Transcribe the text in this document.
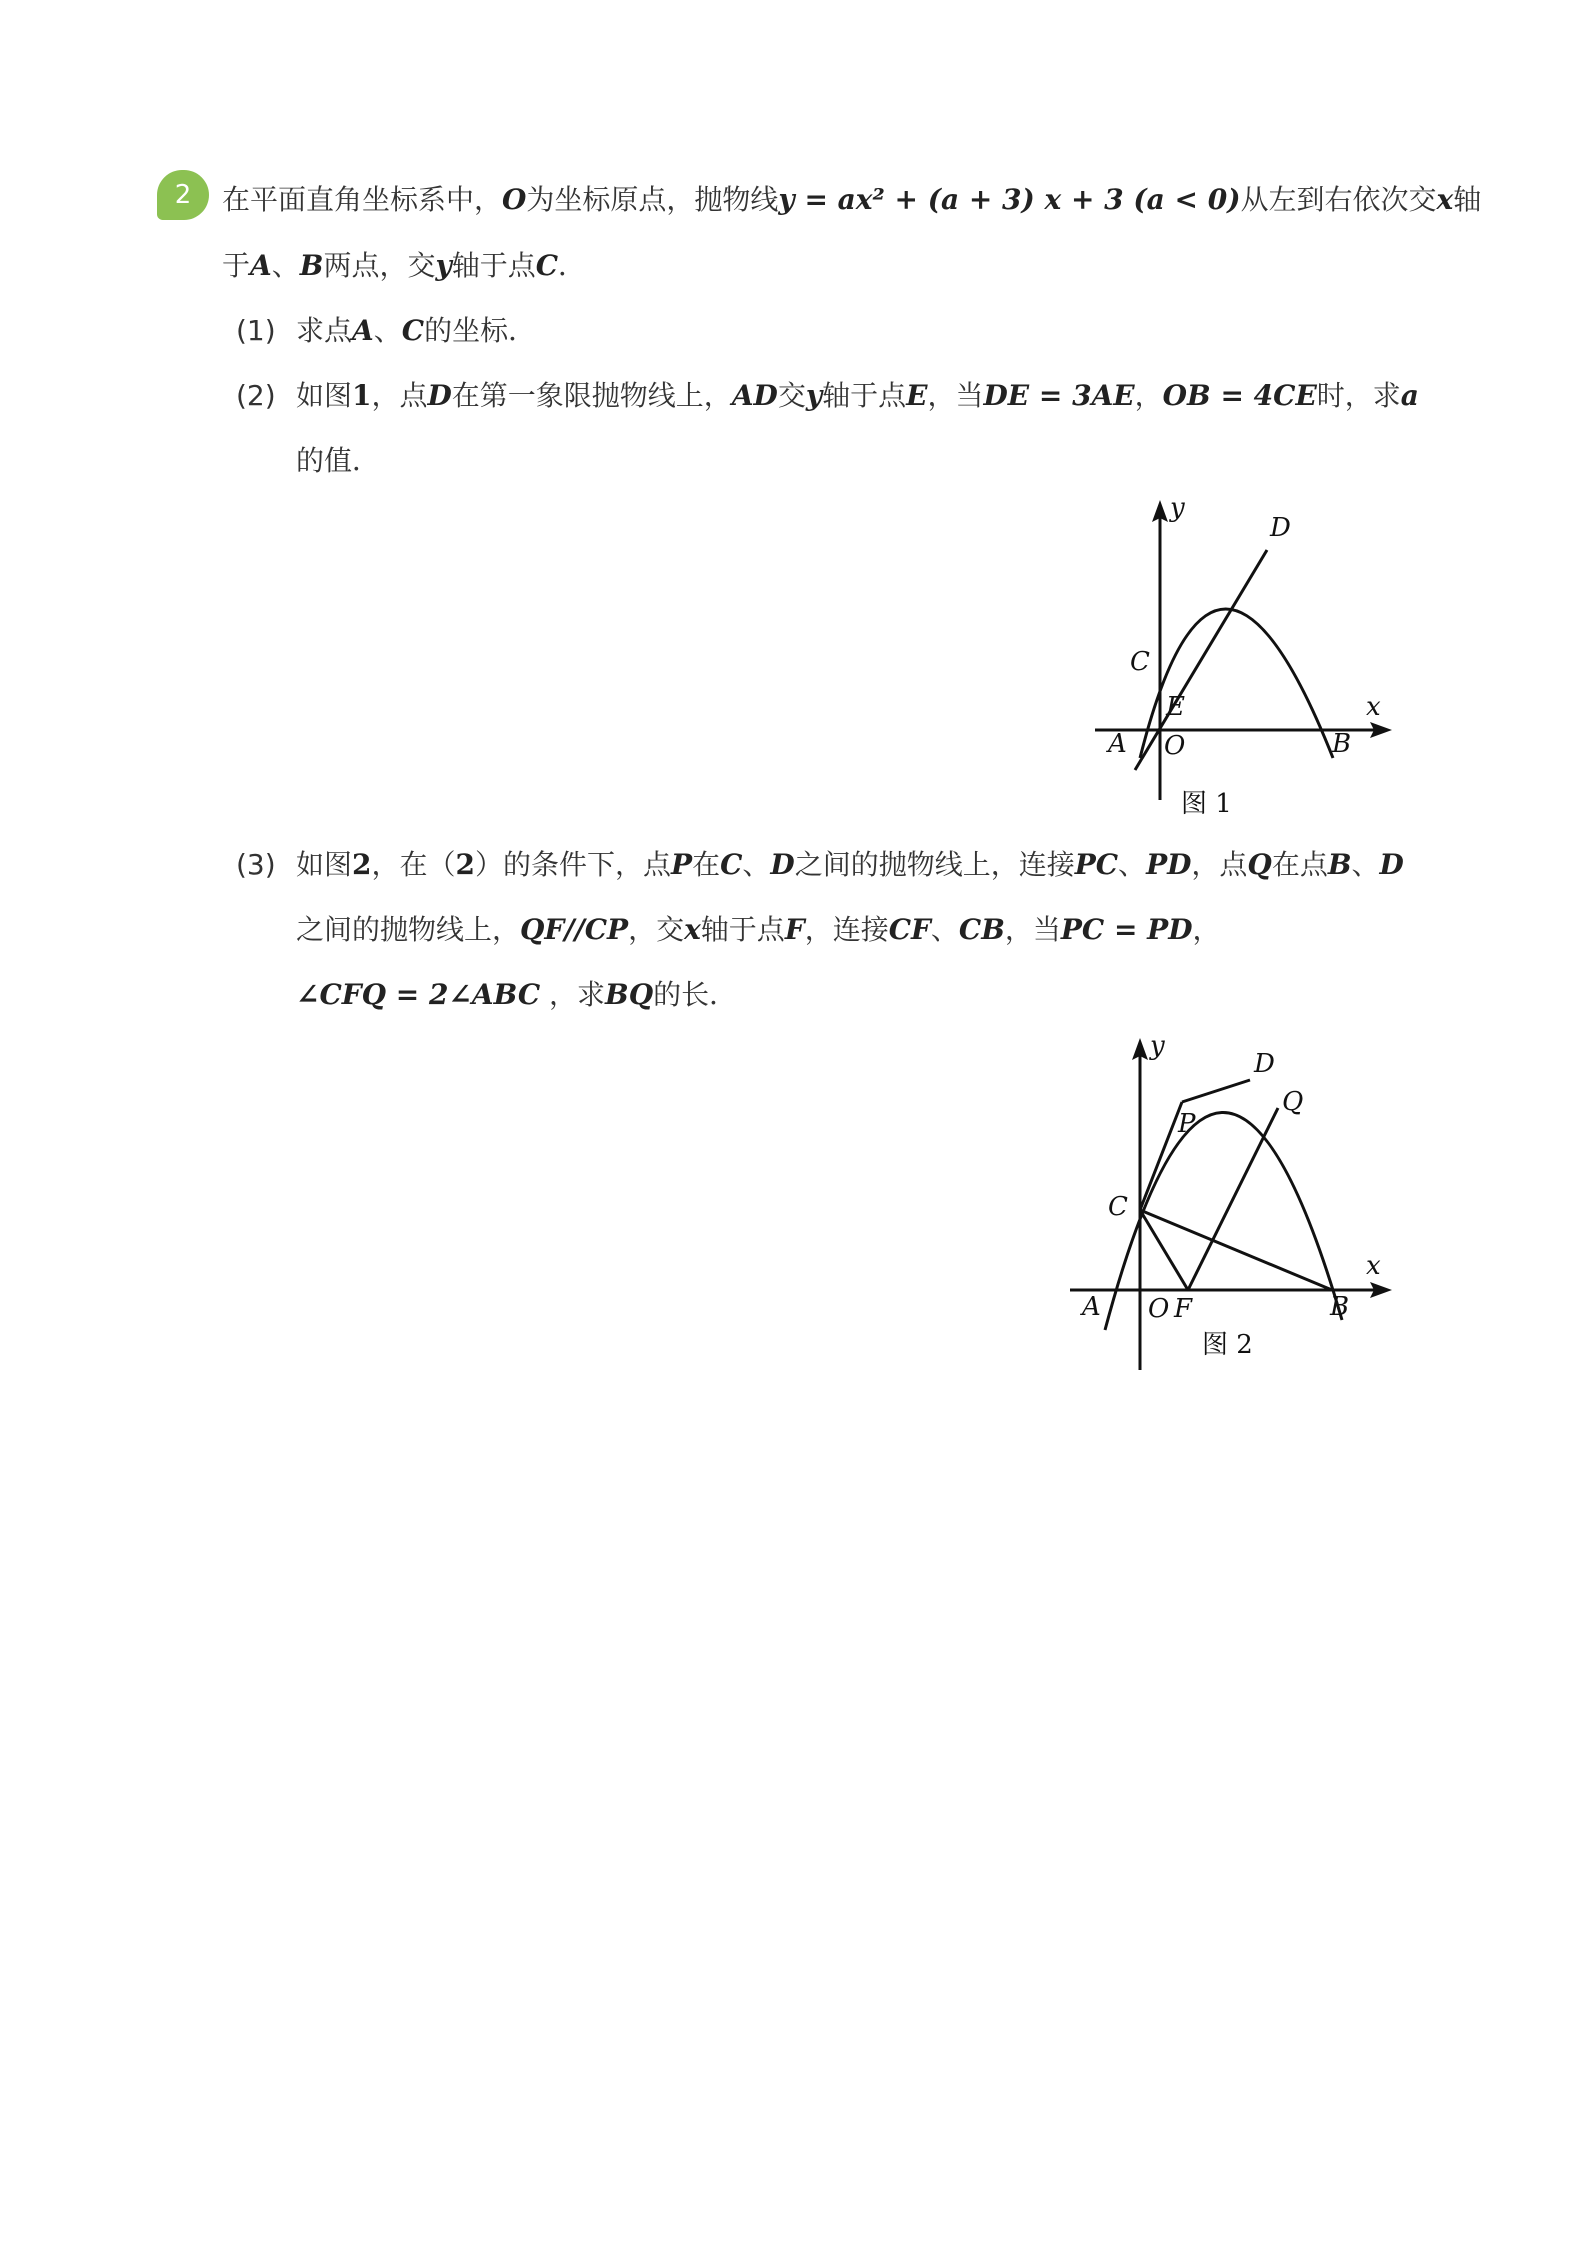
2	在平面直角坐标系中，O为坐标原点，抛物线y = ax² + (a + 3) x + 3 (a < 0)从左到右依次交x轴
于A、B两点，交y轴于点C．
(1) 求点A、C的坐标．
(2) 如图1，点D在第一象限抛物线上，AD交y轴于点E，当DE = 3AE，OB = 4CE时，求a
的值．
y
D
C
E	x
A O	B
图 1
(3) 如图2，在（2）的条件下，点P在C、D之间的抛物线上，连接PC、PD，点Q在点B、D
之间的抛物线上，QF//CP，交x轴于点F，连接CF、CB，当PC = PD，
∠CFQ = 2∠ABC ，求BQ的长．
y
D
P
Q
C
x
A O F	B
图 2
